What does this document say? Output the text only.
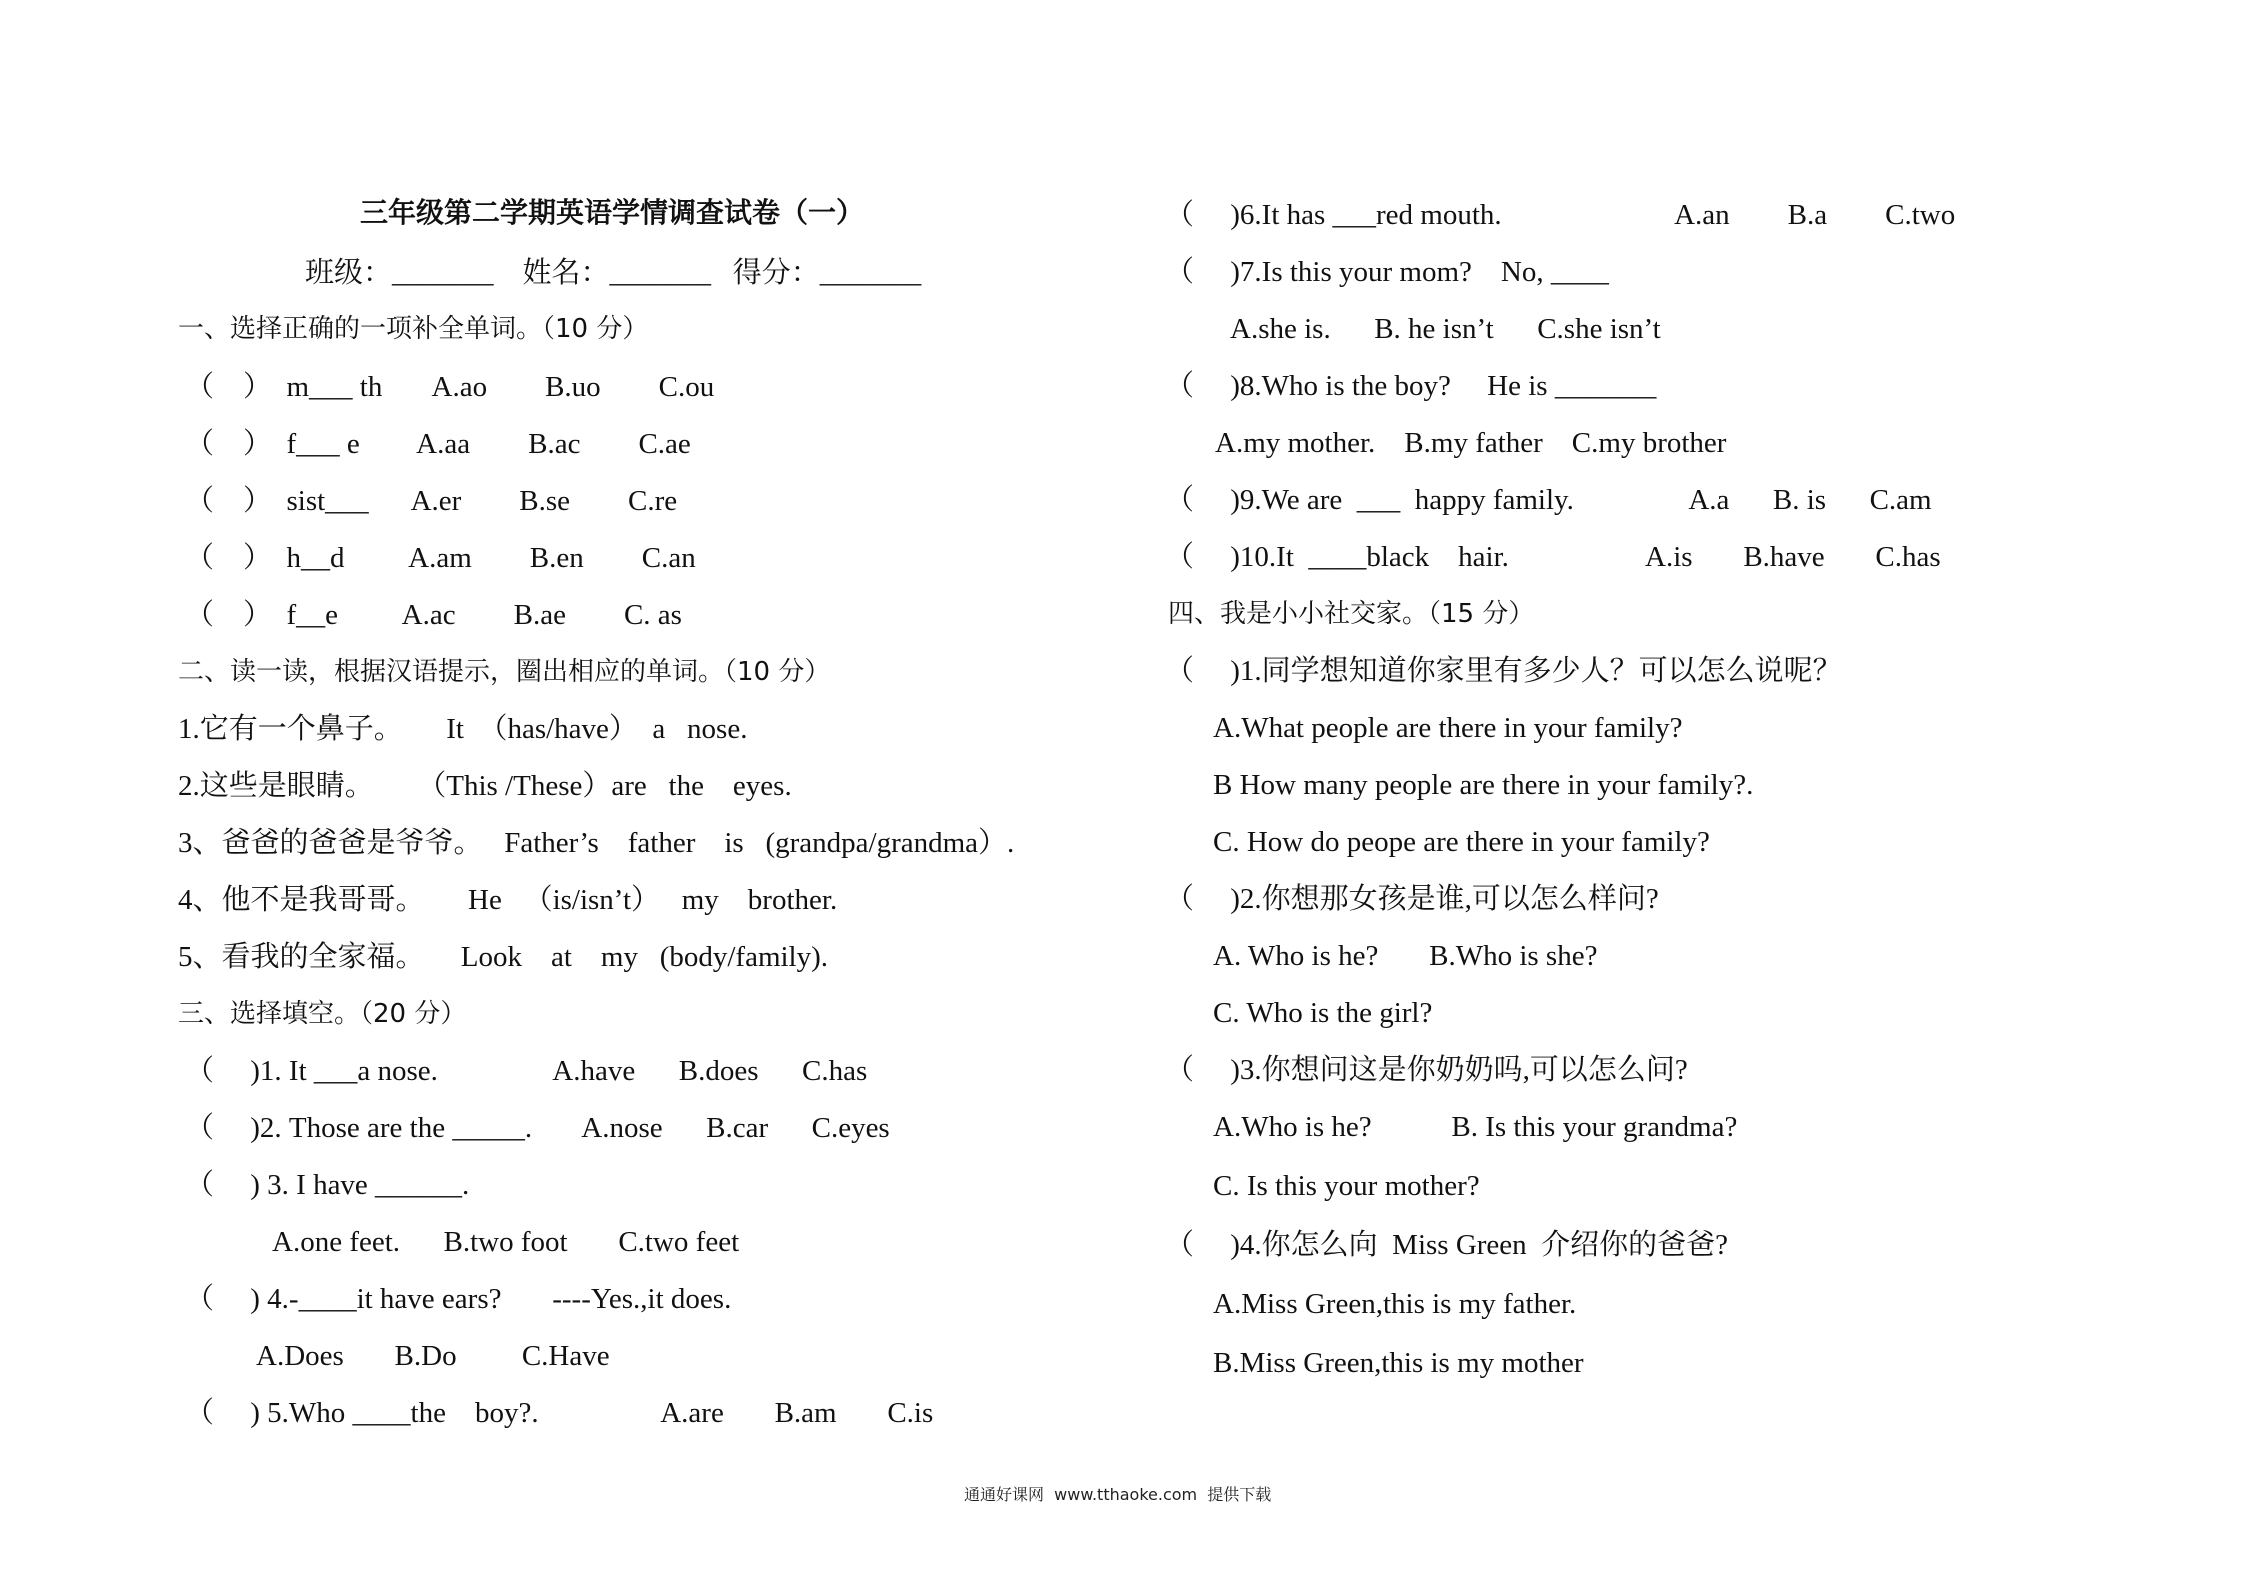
三年级第二学期英语学情调查试卷（一）
班级：_______    姓名：_______   得分：_______
一、选择正确的一项补全单词。（10 分）
（    ）  m___ th       A.ao        B.uo        C.ou
（    ）  f___ e        A.aa        B.ac        C.ae
（    ）  sist___      A.er        B.se        C.re
（    ）  h__d         A.am        B.en        C.an
（    ）  f__e         A.ac        B.ae        C. as
二、读一读，根据汉语提示，圈出相应的单词。（10 分）
1.它有一个鼻子。      It  （has/have）  a   nose.
2.这些是眼睛。      （This /These）are   the    eyes.
3、爸爸的爸爸是爷爷。   Father’s    father    is   (grandpa/grandma）.
4、他不是我哥哥。      He   （is/isn’t）   my    brother.
5、看我的全家福。     Look    at    my   (body/family).
三、选择填空。（20 分）
（     )1. It ___a nose.                A.have      B.does      C.has
（     )2. Those are the _____.       A.nose      B.car      C.eyes
（     ) 3. I have ______.
A.one feet.      B.two foot       C.two feet
（     ) 4.-____it have ears?       ----Yes.,it does.
A.Does       B.Do         C.Have
（     ) 5.Who ____the    boy?.                 A.are       B.am       C.is
（     )6.It has ___red mouth.                        A.an        B.a        C.two
（     )7.Is this your mom?    No, ____
A.she is.      B. he isn’t      C.she isn’t
（     )8.Who is the boy?     He is _______
A.my mother.    B.my father    C.my brother
（     )9.We are  ___  happy family.                A.a      B. is      C.am
（     )10.It  ____black    hair.                   A.is       B.have       C.has
四、我是小小社交家。（15 分）
（     )1.同学想知道你家里有多少人？可以怎么说呢？
A.What people are there in your family?
B How many people are there in your family?.
C. How do peope are there in your family?
（     )2.你想那女孩是谁,可以怎么样问?
A. Who is he?       B.Who is she?
C. Who is the girl?
（     )3.你想问这是你奶奶吗,可以怎么问?
A.Who is he?           B. Is this your grandma?
C. Is this your mother?
（     )4.你怎么向  Miss Green  介绍你的爸爸?
A.Miss Green,this is my father.
B.Miss Green,this is my mother
通通好课网  www.tthaoke.com  提供下载
